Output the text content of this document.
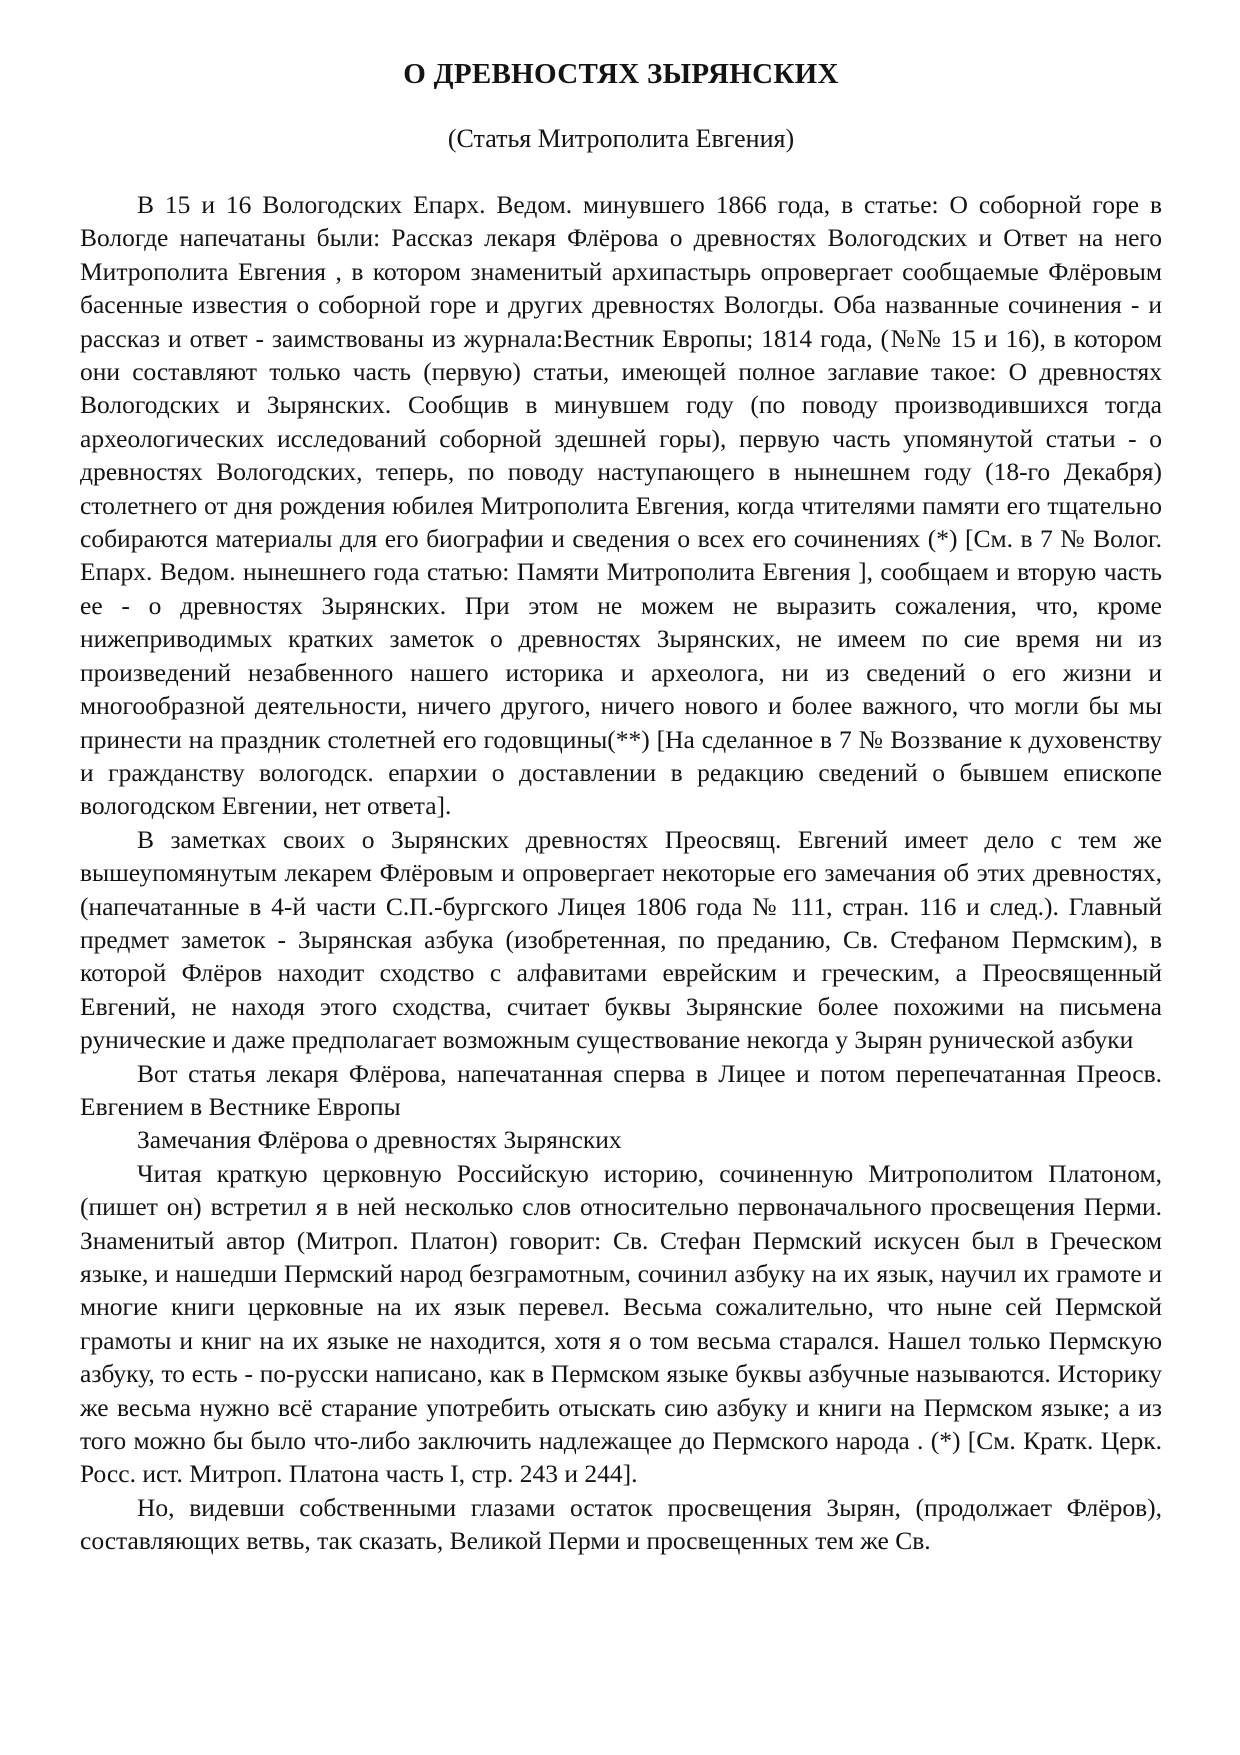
О ДРЕВНОСТЯХ ЗЫРЯНСКИХ
(Статья Митрополита Евгения)

В 15 и 16 Вологодских Епарх. Ведом. минувшего 1866 года, в статье: О соборной горе в Вологде напечатаны были: Рассказ лекаря Флёрова о древностях Вологодских и Ответ на него Митрополита Евгения , в котором знаменитый архипастырь опровергает сообщаемые Флёровым басенные известия о соборной горе и других древностях Вологды. Оба названные сочинения - и рассказ и ответ - заимствованы из журнала:Вестник Европы; 1814 года, (№№ 15 и 16), в котором они составляют только часть (первую) статьи, имеющей полное заглавие такое: О древностях Вологодских и Зырянских. Сообщив в минувшем году (по поводу производившихся тогда археологических исследований соборной здешней горы), первую часть упомянутой статьи - о древностях Вологодских, теперь, по поводу наступающего в нынешнем году (18-го Декабря) столетнего от дня рождения юбилея Митрополита Евгения, когда чтителями памяти его тщательно собираются материалы для его биографии и сведения о всех его сочинениях (*) [См. в 7 № Волог. Епарх. Ведом. нынешнего года статью: Памяти Митрополита Евгения ], сообщаем и вторую часть ее - о древностях Зырянских. При этом не можем не выразить сожаления, что, кроме нижеприводимых кратких заметок о древностях Зырянских, не имеем по сие время ни из произведений незабвенного нашего историка и археолога, ни из сведений о его жизни и многообразной деятельности, ничего другого, ничего нового и более важного, что могли бы мы принести на праздник столетней его годовщины(**) [На сделанное в 7 № Воззвание к духовенству и гражданству вологодск. епархии о доставлении в редакцию сведений о бывшем епископе вологодском Евгении, нет ответа].

В заметках своих о Зырянских древностях Преосвящ. Евгений имеет дело с тем же вышеупомянутым лекарем Флёровым и опровергает некоторые его замечания об этих древностях, (напечатанные в 4-й части С.П.-бургского Лицея 1806 года № 111, стран. 116 и след.). Главный предмет заметок - Зырянская азбука (изобретенная, по преданию, Св. Стефаном Пермским), в которой Флёров находит сходство с алфавитами еврейским и греческим, а Преосвященный Евгений, не находя этого сходства, считает буквы Зырянские более похожими на письмена рунические и даже предполагает возможным существование некогда у Зырян рунической азбуки

Вот статья лекаря Флёрова, напечатанная сперва в Лицее и потом перепечатанная Преосв. Евгением в Вестнике Европы

Замечания Флёрова о древностях Зырянских

Читая краткую церковную Российскую историю, сочиненную Митрополитом Платоном, (пишет он) встретил я в ней несколько слов относительно первоначального просвещения Перми. Знаменитый автор (Митроп. Платон) говорит: Св. Стефан Пермский искусен был в Греческом языке, и нашедши Пермский народ безграмотным, сочинил азбуку на их язык, научил их грамоте и многие книги церковные на их язык перевел. Весьма сожалительно, что ныне сей Пермской грамоты и книг на их языке не находится, хотя я о том весьма старался. Нашел только Пермскую азбуку, то есть - по-русски написано, как в Пермском языке буквы азбучные называются. Историку же весьма нужно всё старание употребить отыскать сию азбуку и книги на Пермском языке; а из того можно бы было что-либо заключить надлежащее до Пермского народа . (*) [См. Кратк. Церк. Росс. ист. Митроп. Платона часть I, стр. 243 и 244].

Но, видевши собственными глазами остаток просвещения Зырян, (продолжает Флёров), составляющих ветвь, так сказать, Великой Перми и просвещенных тем же Св.
